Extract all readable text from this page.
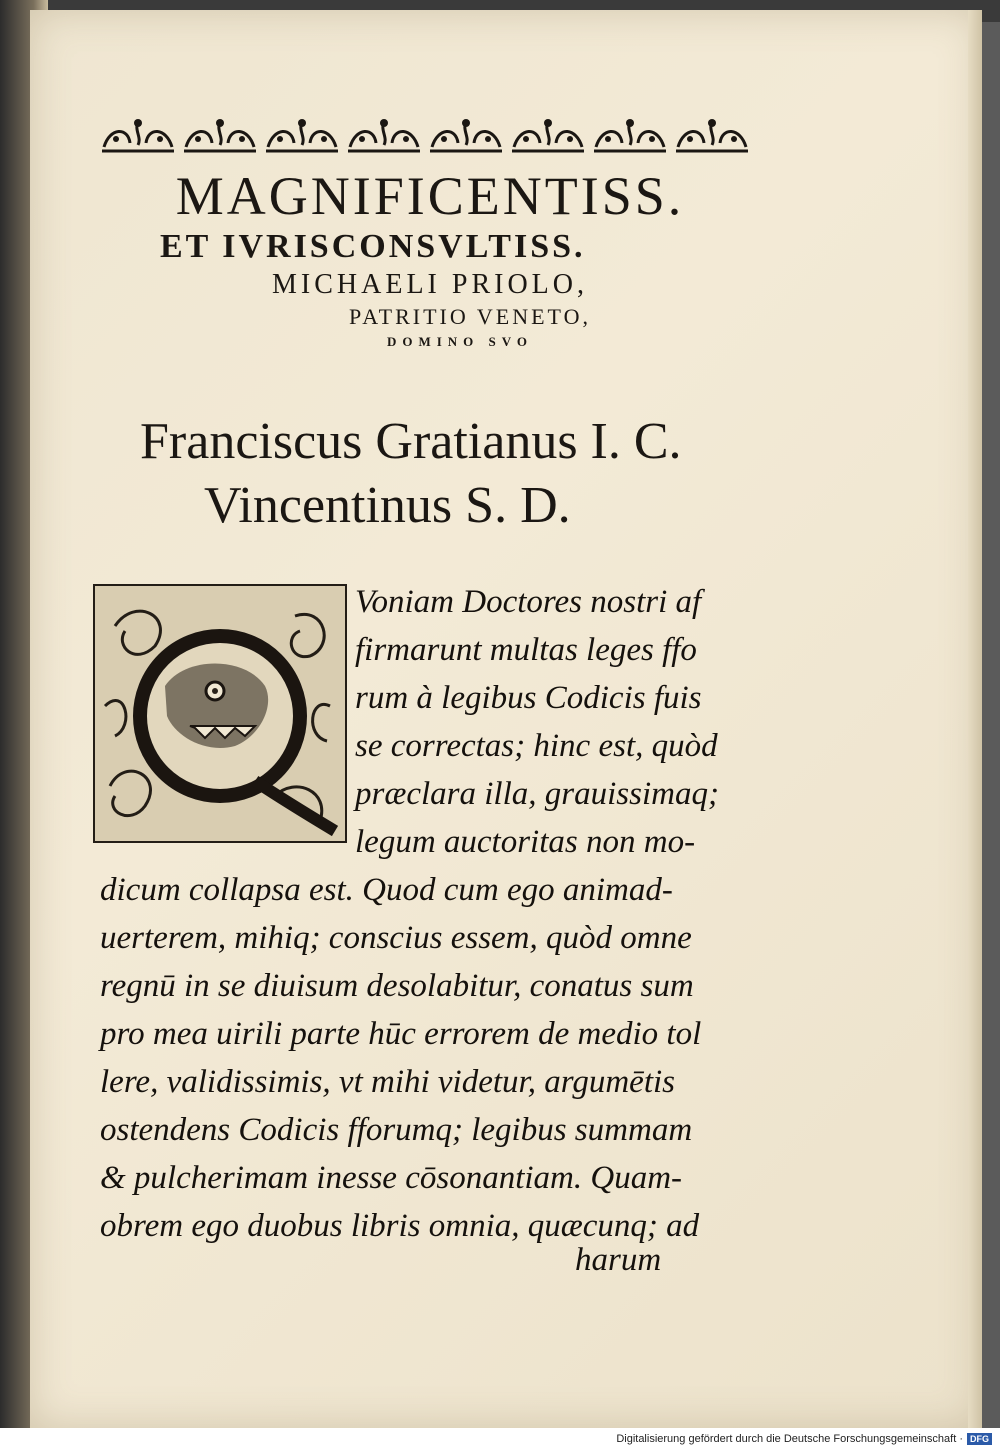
MAGNIFICENTISS.
ET IVRISCONSVLTISS.
MICHAELI PRIOLO,
PATRITIO VENETO,
DOMINO SVO
Franciscus Gratianus I. C.
Vincentinus S. D.
Voniam Doctores nostri af
firmarunt multas leges ffo
rum à legibus Codicis fuis
se correctas; hinc est, quòd
præclara illa, grauissimaq;
legum auctoritas non mo-
dicum collapsa est. Quod cum ego animad-
uerterem, mihiq; conscius essem, quòd omne
regnū in se diuisum desolabitur, conatus sum
pro mea uirili parte hūc errorem de medio tol
lere, validissimis, vt mihi videtur, argumētis
ostendens Codicis fforumq; legibus summam
& pulcherimam inesse cōsonantiam. Quam-
obrem ego duobus libris omnia, quæcunq; ad
harum
Digitalisierung gefördert durch die Deutsche Forschungsgemeinschaft · DFG
